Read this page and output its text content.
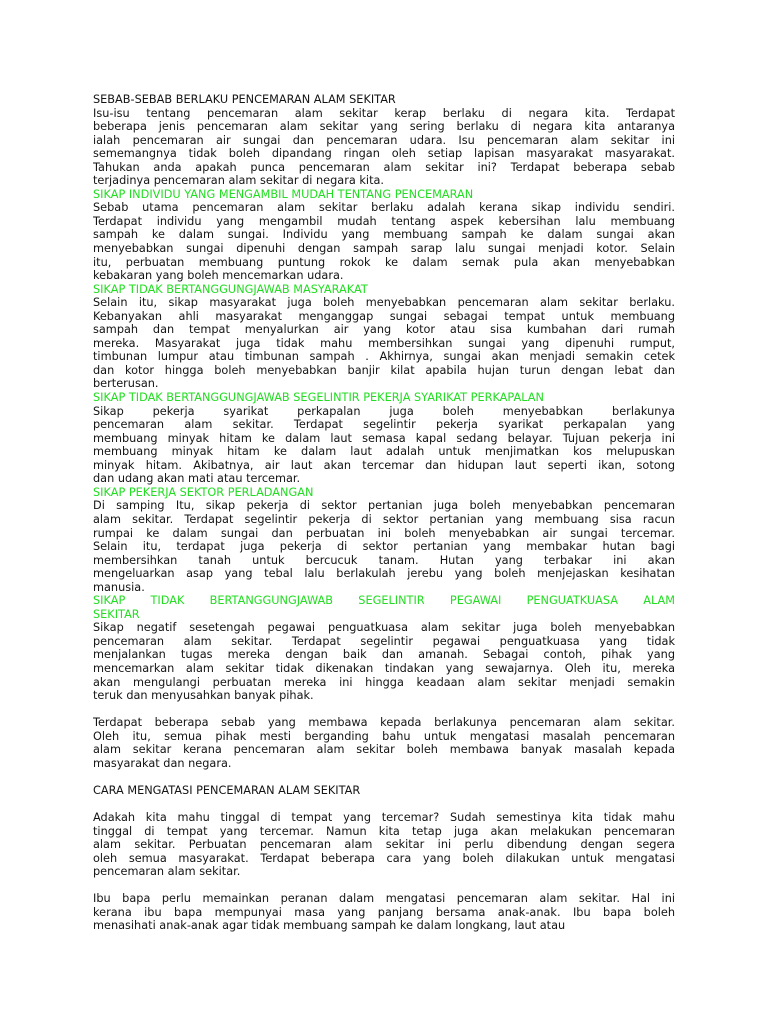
SEBAB-SEBAB BERLAKU PENCEMARAN ALAM SEKITAR
Isu-isu tentang pencemaran alam sekitar kerap berlaku di negara kita. Terdapat
beberapa jenis pencemaran alam sekitar yang sering berlaku di negara kita antaranya
ialah pencemaran air sungai dan pencemaran udara. Isu pencemaran alam sekitar ini
sememangnya tidak boleh dipandang ringan oleh setiap lapisan masyarakat masyarakat.
Tahukan anda apakah punca pencemaran alam sekitar ini? Terdapat beberapa sebab
terjadinya pencemaran alam sekitar di negara kita.
SIKAP INDIVIDU YANG MENGAMBIL MUDAH TENTANG PENCEMARAN
Sebab utama pencemaran alam sekitar berlaku adalah kerana sikap individu sendiri.
Terdapat individu yang mengambil mudah tentang aspek kebersihan lalu membuang
sampah ke dalam sungai. Individu yang membuang sampah ke dalam sungai akan
menyebabkan sungai dipenuhi dengan sampah sarap lalu sungai menjadi kotor. Selain
itu, perbuatan membuang puntung rokok ke dalam semak pula akan menyebabkan
kebakaran yang boleh mencemarkan udara.
SIKAP TIDAK BERTANGGUNGJAWAB MASYARAKAT
Selain itu, sikap masyarakat juga boleh menyebabkan pencemaran alam sekitar berlaku.
Kebanyakan ahli masyarakat menganggap sungai sebagai tempat untuk membuang
sampah dan tempat menyalurkan air yang kotor atau sisa kumbahan dari rumah
mereka. Masyarakat juga tidak mahu membersihkan sungai yang dipenuhi rumput,
timbunan lumpur atau timbunan sampah . Akhirnya, sungai akan menjadi semakin cetek
dan kotor hingga boleh menyebabkan banjir kilat apabila hujan turun dengan lebat dan
berterusan.
SIKAP TIDAK BERTANGGUNGJAWAB SEGELINTIR PEKERJA SYARIKAT PERKAPALAN
Sikap pekerja syarikat perkapalan juga boleh menyebabkan berlakunya
pencemaran alam sekitar. Terdapat segelintir pekerja syarikat perkapalan yang
membuang minyak hitam ke dalam laut semasa kapal sedang belayar. Tujuan pekerja ini
membuang minyak hitam ke dalam laut adalah untuk menjimatkan kos melupuskan
minyak hitam. Akibatnya, air laut akan tercemar dan hidupan laut seperti ikan, sotong
dan udang akan mati atau tercemar.
SIKAP PEKERJA SEKTOR PERLADANGAN
Di samping Itu, sikap pekerja di sektor pertanian juga boleh menyebabkan pencemaran
alam sekitar. Terdapat segelintir pekerja di sektor pertanian yang membuang sisa racun
rumpai ke dalam sungai dan perbuatan ini boleh menyebabkan air sungai tercemar.
Selain itu, terdapat juga pekerja di sektor pertanian yang membakar hutan bagi
membersihkan tanah untuk bercucuk tanam. Hutan yang terbakar ini akan
mengeluarkan asap yang tebal lalu berlakulah jerebu yang boleh menjejaskan kesihatan
manusia.
SIKAP TIDAK BERTANGGUNGJAWAB SEGELINTIR PEGAWAI PENGUATKUASA ALAM
SEKITAR
Sikap negatif sesetengah pegawai penguatkuasa alam sekitar juga boleh menyebabkan
pencemaran alam sekitar. Terdapat segelintir pegawai penguatkuasa yang tidak
menjalankan tugas mereka dengan baik dan amanah. Sebagai contoh, pihak yang
mencemarkan alam sekitar tidak dikenakan tindakan yang sewajarnya. Oleh itu, mereka
akan mengulangi perbuatan mereka ini hingga keadaan alam sekitar menjadi semakin
teruk dan menyusahkan banyak pihak.
Terdapat beberapa sebab yang membawa kepada berlakunya pencemaran alam sekitar.
Oleh itu, semua pihak mesti berganding bahu untuk mengatasi masalah pencemaran
alam sekitar kerana pencemaran alam sekitar boleh membawa banyak masalah kepada
masyarakat dan negara.
CARA MENGATASI PENCEMARAN ALAM SEKITAR
Adakah kita mahu tinggal di tempat yang tercemar? Sudah semestinya kita tidak mahu
tinggal di tempat yang tercemar. Namun kita tetap juga akan melakukan pencemaran
alam sekitar. Perbuatan pencemaran alam sekitar ini perlu dibendung dengan segera
oleh semua masyarakat. Terdapat beberapa cara yang boleh dilakukan untuk mengatasi
pencemaran alam sekitar.
Ibu bapa perlu memainkan peranan dalam mengatasi pencemaran alam sekitar. Hal ini
kerana ibu bapa mempunyai masa yang panjang bersama anak-anak. Ibu bapa boleh
menasihati anak-anak agar tidak membuang sampah ke dalam longkang, laut atau
